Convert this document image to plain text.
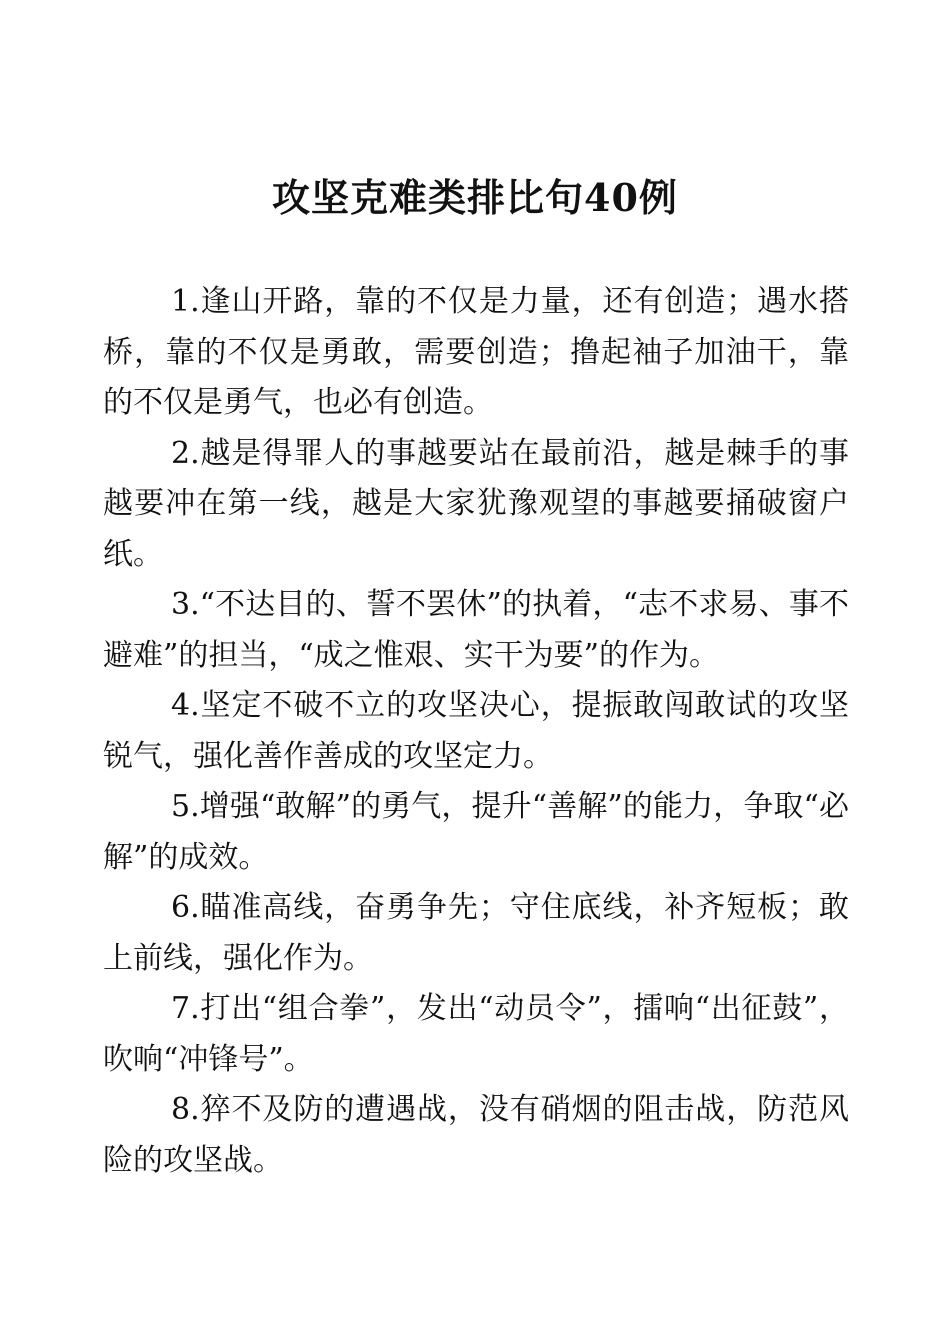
攻坚克难类排比句40例

1.逢山开路，靠的不仅是力量，还有创造；遇水搭桥，靠的不仅是勇敢，需要创造；撸起袖子加油干，靠的不仅是勇气，也必有创造。

2.越是得罪人的事越要站在最前沿，越是棘手的事越要冲在第一线，越是大家犹豫观望的事越要捅破窗户纸。

3.“不达目的、誓不罢休”的执着，“志不求易、事不避难”的担当，“成之惟艰、实干为要”的作为。

4.坚定不破不立的攻坚决心，提振敢闯敢试的攻坚锐气，强化善作善成的攻坚定力。

5.增强“敢解”的勇气，提升“善解”的能力，争取“必解”的成效。

6.瞄准高线，奋勇争先；守住底线，补齐短板；敢上前线，强化作为。

7.打出“组合拳”，发出“动员令”，擂响“出征鼓”，吹响“冲锋号”。

8.猝不及防的遭遇战，没有硝烟的阻击战，防范风险的攻坚战。
